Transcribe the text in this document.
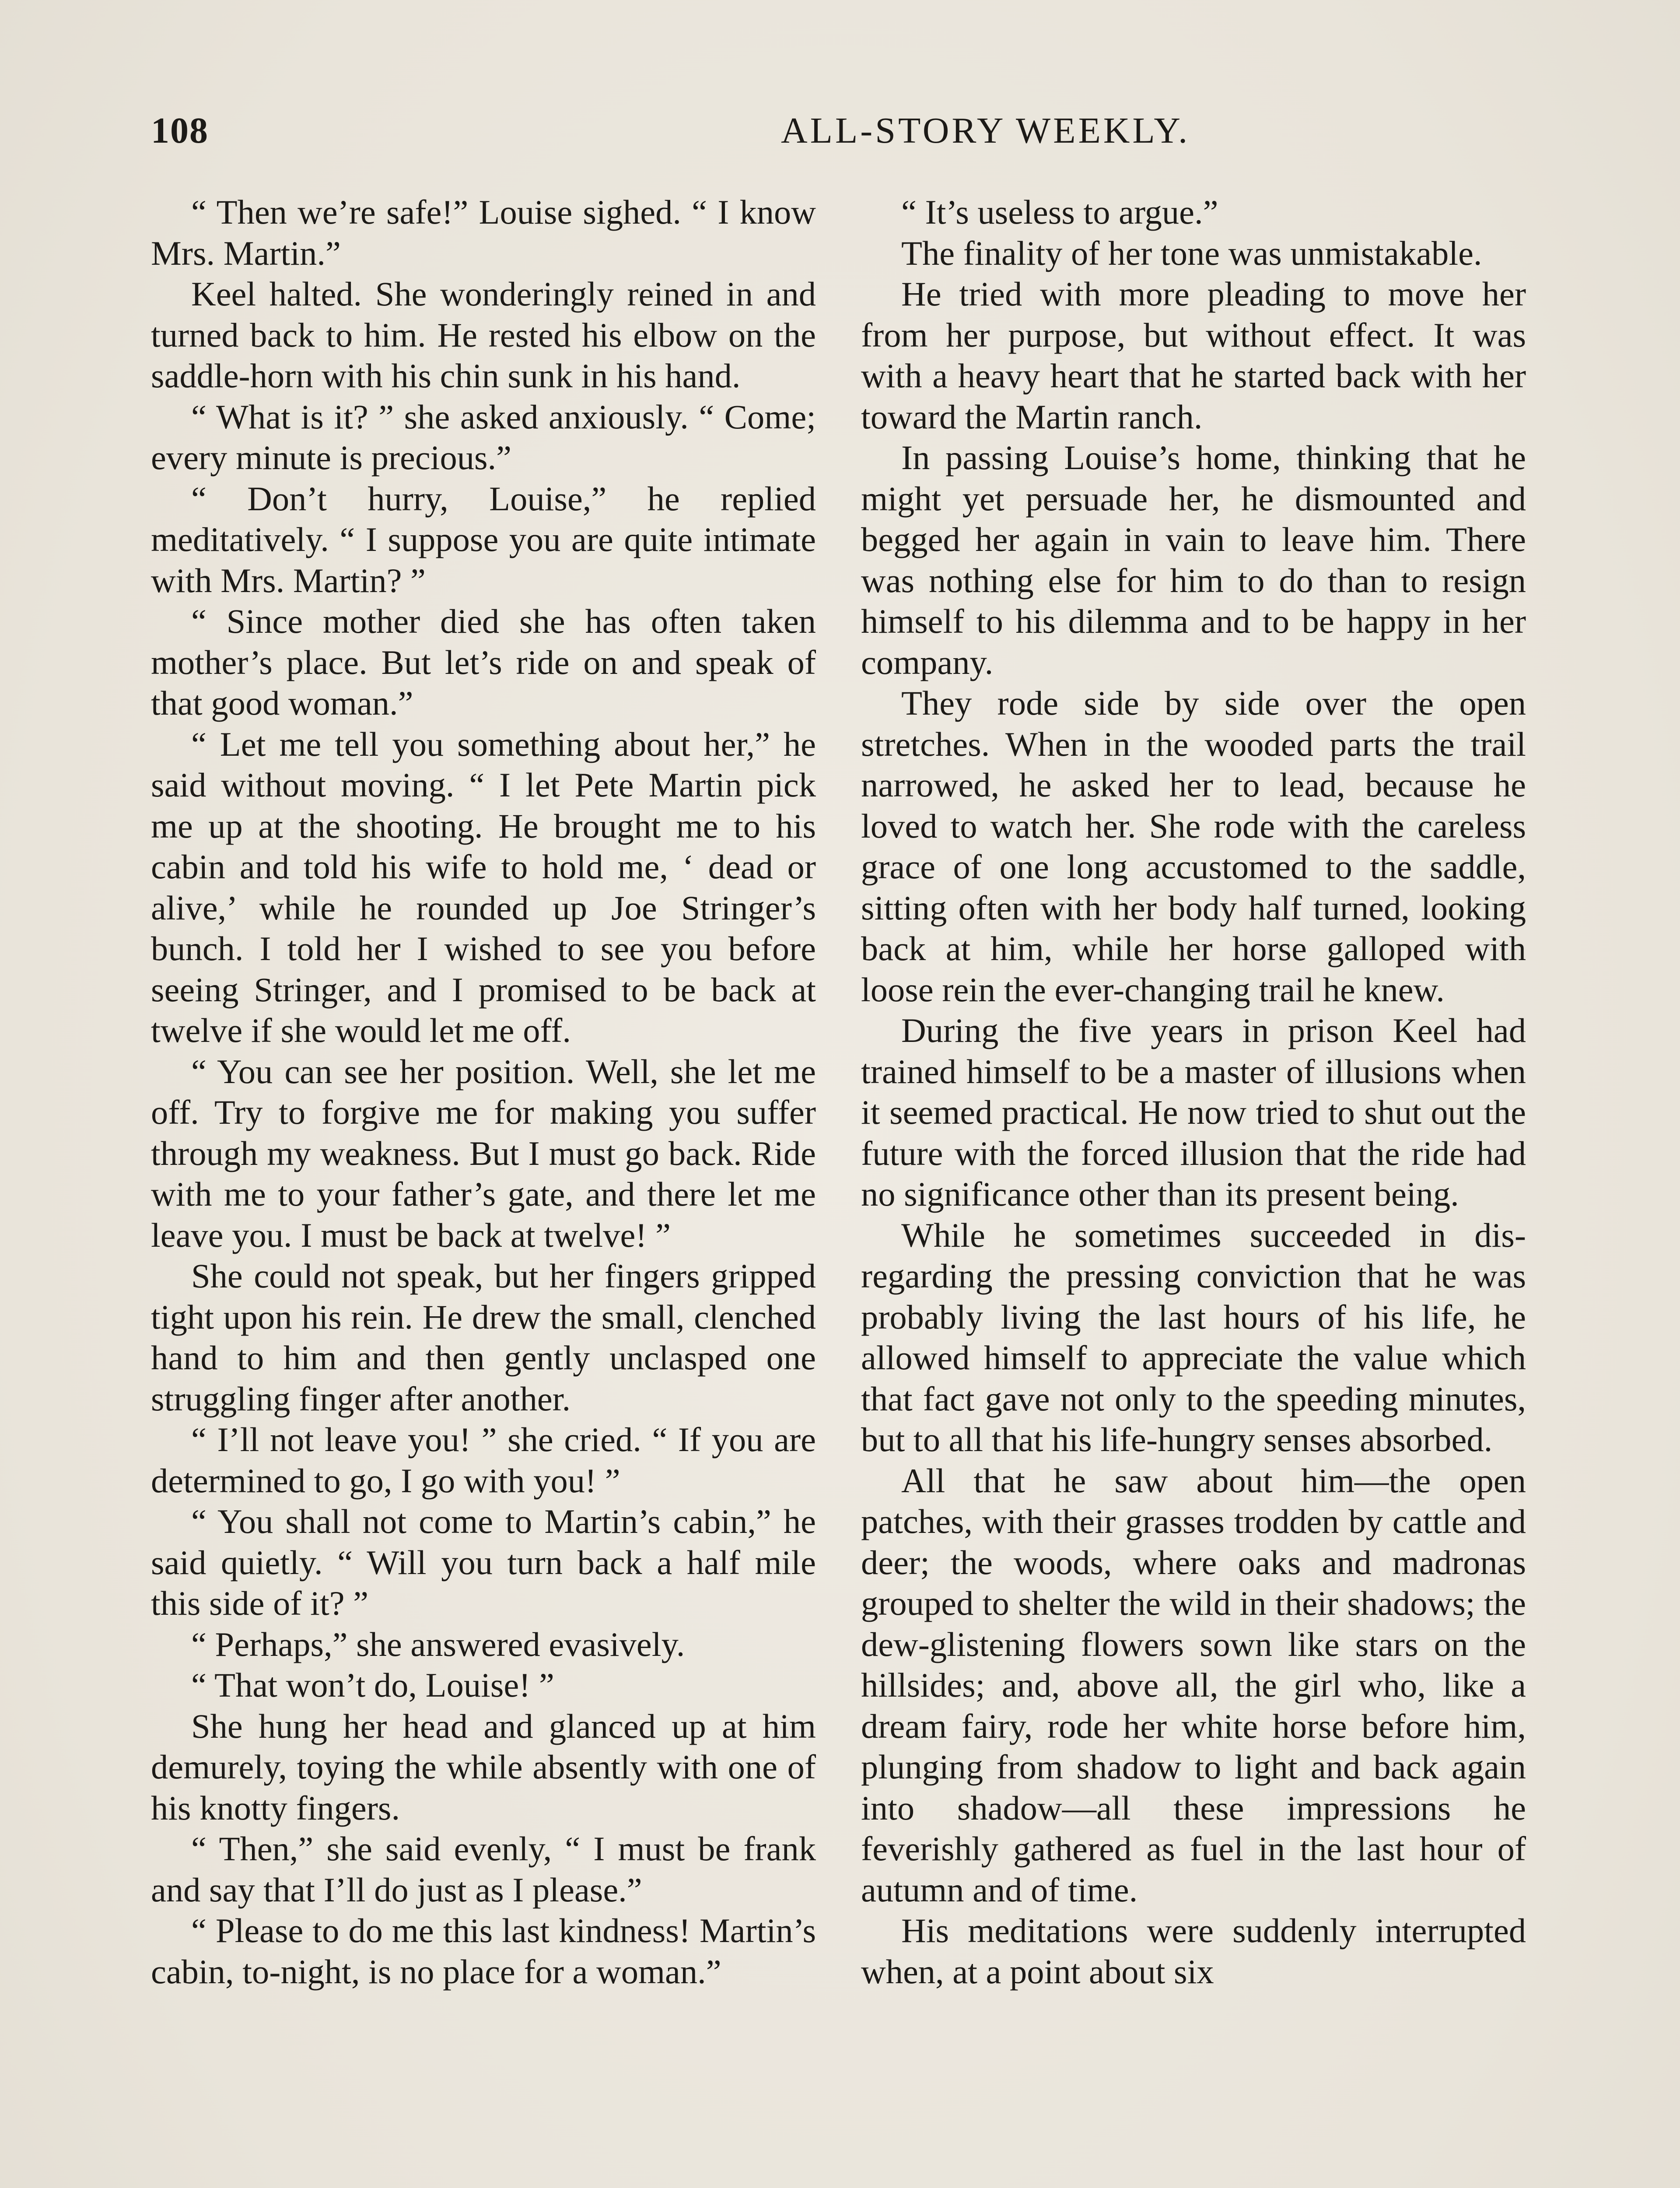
108	ALL-STORY WEEKLY.

“ Then we’re safe!” Louise sighed. “ I know Mrs. Martin.”

Keel halted. She wonderingly reined in and turned back to him. He rested his elbow on the saddle-horn with his chin sunk in his hand.

“ What is it? ” she asked anxiously. “ Come; every minute is precious.”

“ Don’t hurry, Louise,” he replied meditatively. “ I suppose you are quite intimate with Mrs. Martin? ”

“ Since mother died she has often taken mother’s place. But let’s ride on and speak of that good woman.”

“ Let me tell you something about her,” he said without moving. “ I let Pete Martin pick me up at the shooting. He brought me to his cabin and told his wife to hold me, ‘ dead or alive,’ while he rounded up Joe Stringer’s bunch. I told her I wished to see you before seeing Stringer, and I promised to be back at twelve if she would let me off.

“ You can see her position. Well, she let me off. Try to forgive me for making you suffer through my weakness. But I must go back. Ride with me to your father’s gate, and there let me leave you. I must be back at twelve! ”

She could not speak, but her fingers gripped tight upon his rein. He drew the small, clenched hand to him and then gently unclasped one struggling finger after another.

“ I’ll not leave you! ” she cried. “ If you are determined to go, I go with you! ”

“ You shall not come to Martin’s cabin,” he said quietly. “ Will you turn back a half mile this side of it? ”

“ Perhaps,” she answered evasively.

“ That won’t do, Louise! ”

She hung her head and glanced up at him demurely, toying the while absently with one of his knotty fingers.

“ Then,” she said evenly, “ I must be frank and say that I’ll do just as I please.”

“ Please to do me this last kindness! Martin’s cabin, to-night, is no place for a woman.”

“ It’s useless to argue.”

The finality of her tone was unmistakable.

He tried with more pleading to move her from her purpose, but without effect. It was with a heavy heart that he started back with her toward the Martin ranch.

In passing Louise’s home, thinking that he might yet persuade her, he dismounted and begged her again in vain to leave him. There was nothing else for him to do than to resign himself to his dilemma and to be happy in her company.

They rode side by side over the open stretches. When in the wooded parts the trail narrowed, he asked her to lead, because he loved to watch her. She rode with the careless grace of one long accustomed to the saddle, sitting often with her body half turned, looking back at him, while her horse galloped with loose rein the ever-changing trail he knew.

During the five years in prison Keel had trained himself to be a master of illusions when it seemed practical. He now tried to shut out the future with the forced illusion that the ride had no significance other than its present being.

While he sometimes succeeded in disregarding the pressing conviction that he was probably living the last hours of his life, he allowed himself to appreciate the value which that fact gave not only to the speeding minutes, but to all that his life-hungry senses absorbed.

All that he saw about him—the open patches, with their grasses trodden by cattle and deer; the woods, where oaks and madronas grouped to shelter the wild in their shadows; the dew-glistening flowers sown like stars on the hillsides; and, above all, the girl who, like a dream fairy, rode her white horse before him, plunging from shadow to light and back again into shadow—all these impressions he feverishly gathered as fuel in the last hour of autumn and of time.

His meditations were suddenly interrupted when, at a point about six
